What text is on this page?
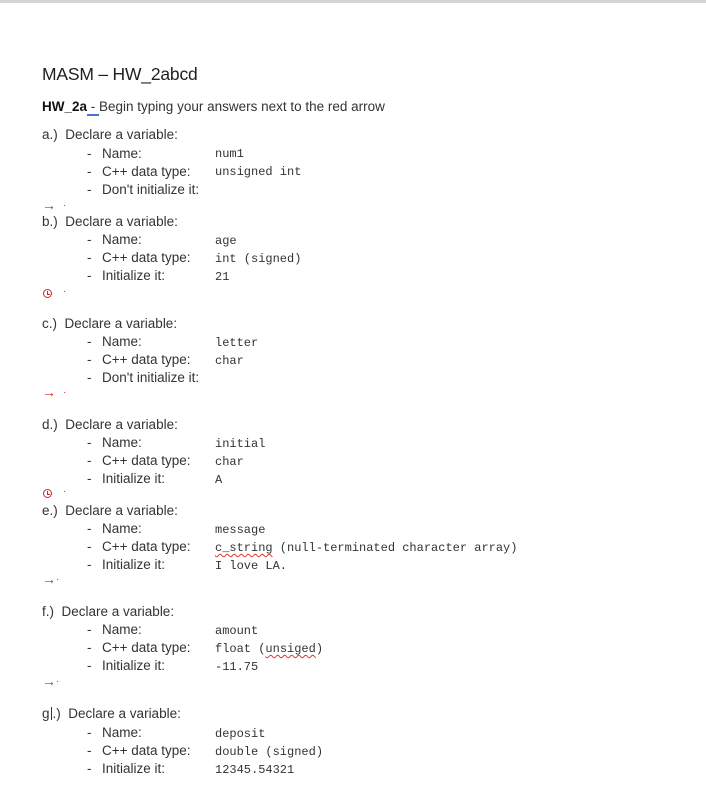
MASM – HW_2abcd
HW_2a - Begin typing your answers next to the red arrow
a.) Declare a variable:
- Name:	num1
- C++ data type: unsigned int
- Don't initialize it:
→ ·
b.) Declare a variable:
- Name:	age
- C++ data type: int (signed)
- Initialize it:	21
·
c.) Declare a variable:
- Name:	letter
- C++ data type: char
- Don't initialize it:
→ ·
d.) Declare a variable:
- Name:	initial
- C++ data type: char
- Initialize it:	A
·
e.) Declare a variable:
- Name:	message
- C++ data type: c_string (null-terminated character array)
- Initialize it:	I love LA.
→ ·
f.) Declare a variable:
- Name:	amount
- C++ data type: float (unsiged)
- Initialize it:	-11.75
→ ·
g .) Declare a variable:
- Name:	deposit
- C++ data type: double (signed)
- Initialize it:	12345.54321
